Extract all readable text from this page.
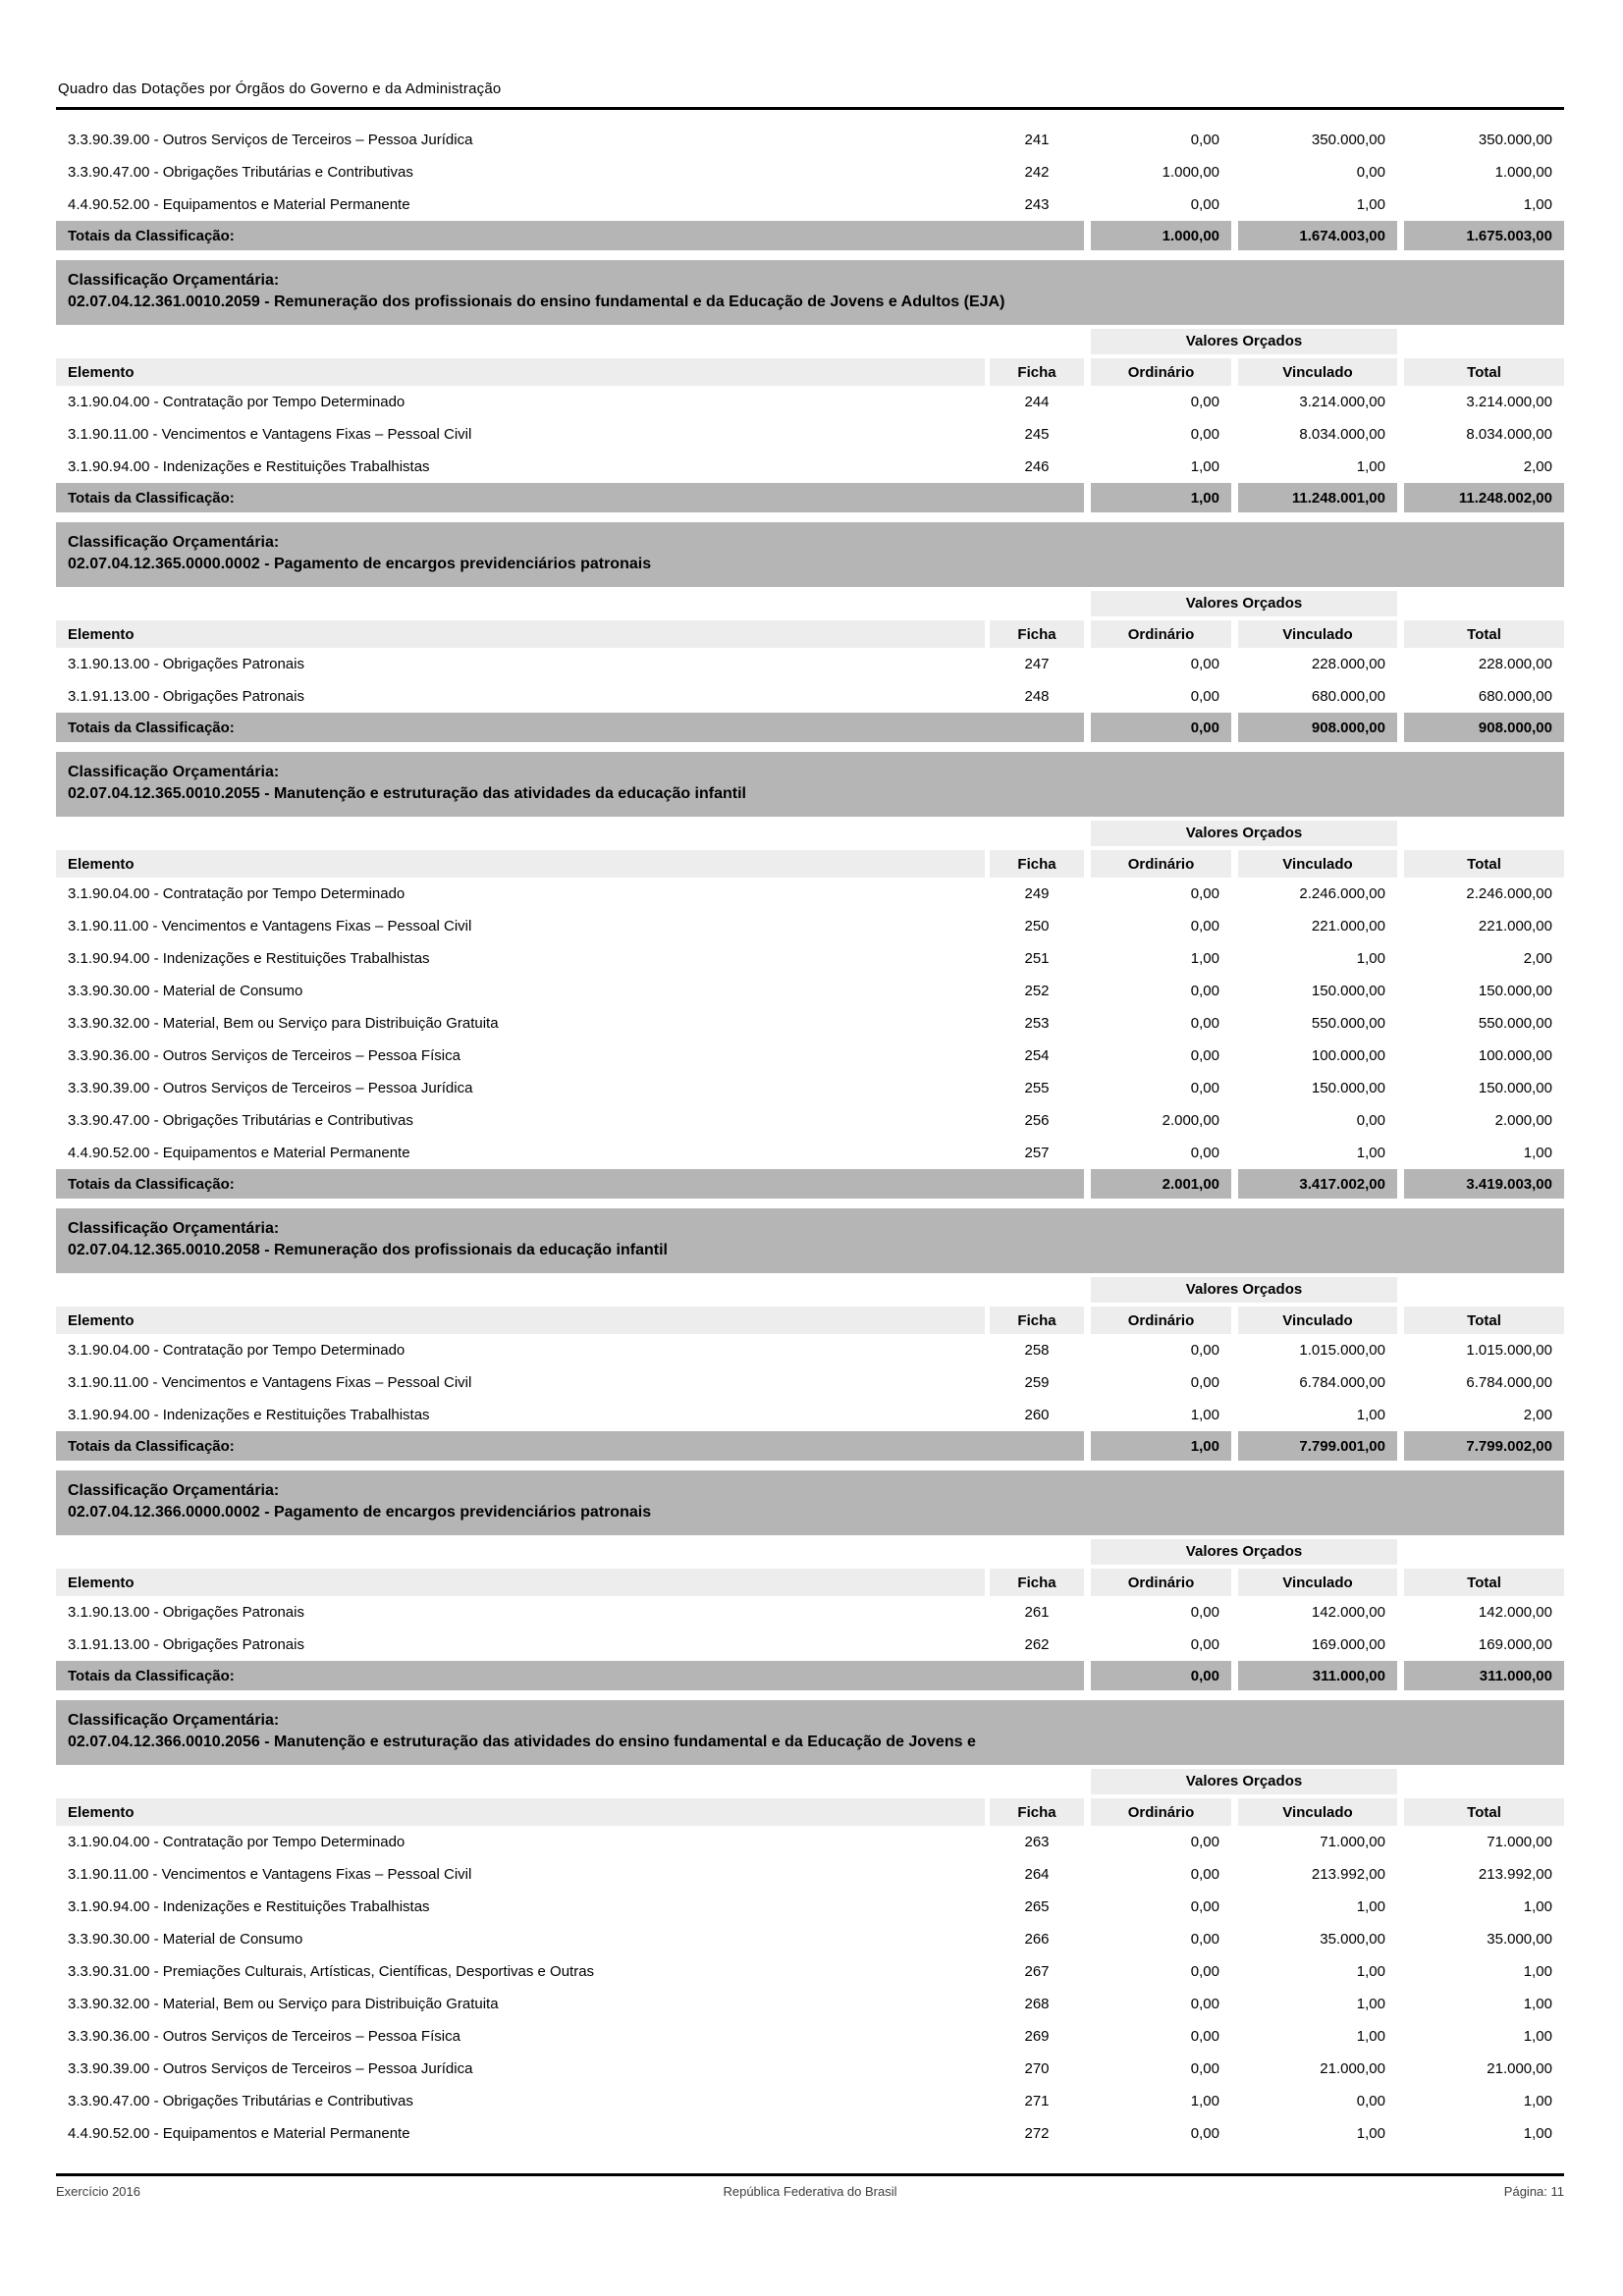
Quadro das Dotações por Órgãos do Governo e da Administração
3.3.90.39.00 - Outros Serviços de Terceiros – Pessoa Jurídica	241	0,00	350.000,00	350.000,00
3.3.90.47.00 - Obrigações Tributárias e Contributivas	242	1.000,00	0,00	1.000,00
4.4.90.52.00 - Equipamentos e Material Permanente	243	0,00	1,00	1,00
Totais da Classificação:	1.000,00	1.674.003,00	1.675.003,00
Classificação Orçamentária:
02.07.04.12.361.0010.2059 - Remuneração dos profissionais do ensino fundamental e da Educação de Jovens e Adultos (EJA)
Valores Orçados
Elemento	Ficha	Ordinário	Vinculado	Total
3.1.90.04.00 - Contratação por Tempo Determinado	244	0,00	3.214.000,00	3.214.000,00
3.1.90.11.00 - Vencimentos e Vantagens Fixas – Pessoal Civil	245	0,00	8.034.000,00	8.034.000,00
3.1.90.94.00 - Indenizações e Restituições Trabalhistas	246	1,00	1,00	2,00
Totais da Classificação:	1,00	11.248.001,00	11.248.002,00
Classificação Orçamentária:
02.07.04.12.365.0000.0002 - Pagamento de encargos previdenciários patronais
Valores Orçados
Elemento	Ficha	Ordinário	Vinculado	Total
3.1.90.13.00 - Obrigações Patronais	247	0,00	228.000,00	228.000,00
3.1.91.13.00 - Obrigações Patronais	248	0,00	680.000,00	680.000,00
Totais da Classificação:	0,00	908.000,00	908.000,00
Classificação Orçamentária:
02.07.04.12.365.0010.2055 - Manutenção e estruturação das atividades da educação infantil
Valores Orçados
Elemento	Ficha	Ordinário	Vinculado	Total
3.1.90.04.00 - Contratação por Tempo Determinado	249	0,00	2.246.000,00	2.246.000,00
3.1.90.11.00 - Vencimentos e Vantagens Fixas – Pessoal Civil	250	0,00	221.000,00	221.000,00
3.1.90.94.00 - Indenizações e Restituições Trabalhistas	251	1,00	1,00	2,00
3.3.90.30.00 - Material de Consumo	252	0,00	150.000,00	150.000,00
3.3.90.32.00 - Material, Bem ou Serviço para Distribuição Gratuita	253	0,00	550.000,00	550.000,00
3.3.90.36.00 - Outros Serviços de Terceiros – Pessoa Física	254	0,00	100.000,00	100.000,00
3.3.90.39.00 - Outros Serviços de Terceiros – Pessoa Jurídica	255	0,00	150.000,00	150.000,00
3.3.90.47.00 - Obrigações Tributárias e Contributivas	256	2.000,00	0,00	2.000,00
4.4.90.52.00 - Equipamentos e Material Permanente	257	0,00	1,00	1,00
Totais da Classificação:	2.001,00	3.417.002,00	3.419.003,00
Classificação Orçamentária:
02.07.04.12.365.0010.2058 - Remuneração dos profissionais da educação infantil
Valores Orçados
Elemento	Ficha	Ordinário	Vinculado	Total
3.1.90.04.00 - Contratação por Tempo Determinado	258	0,00	1.015.000,00	1.015.000,00
3.1.90.11.00 - Vencimentos e Vantagens Fixas – Pessoal Civil	259	0,00	6.784.000,00	6.784.000,00
3.1.90.94.00 - Indenizações e Restituições Trabalhistas	260	1,00	1,00	2,00
Totais da Classificação:	1,00	7.799.001,00	7.799.002,00
Classificação Orçamentária:
02.07.04.12.366.0000.0002 - Pagamento de encargos previdenciários patronais
Valores Orçados
Elemento	Ficha	Ordinário	Vinculado	Total
3.1.90.13.00 - Obrigações Patronais	261	0,00	142.000,00	142.000,00
3.1.91.13.00 - Obrigações Patronais	262	0,00	169.000,00	169.000,00
Totais da Classificação:	0,00	311.000,00	311.000,00
Classificação Orçamentária:
02.07.04.12.366.0010.2056 - Manutenção e estruturação das atividades do ensino fundamental e da Educação de Jovens e
Valores Orçados
Elemento	Ficha	Ordinário	Vinculado	Total
3.1.90.04.00 - Contratação por Tempo Determinado	263	0,00	71.000,00	71.000,00
3.1.90.11.00 - Vencimentos e Vantagens Fixas – Pessoal Civil	264	0,00	213.992,00	213.992,00
3.1.90.94.00 - Indenizações e Restituições Trabalhistas	265	0,00	1,00	1,00
3.3.90.30.00 - Material de Consumo	266	0,00	35.000,00	35.000,00
3.3.90.31.00 - Premiações Culturais, Artísticas, Científicas, Desportivas e Outras	267	0,00	1,00	1,00
3.3.90.32.00 - Material, Bem ou Serviço para Distribuição Gratuita	268	0,00	1,00	1,00
3.3.90.36.00 - Outros Serviços de Terceiros – Pessoa Física	269	0,00	1,00	1,00
3.3.90.39.00 - Outros Serviços de Terceiros – Pessoa Jurídica	270	0,00	21.000,00	21.000,00
3.3.90.47.00 - Obrigações Tributárias e Contributivas	271	1,00	0,00	1,00
4.4.90.52.00 - Equipamentos e Material Permanente	272	0,00	1,00	1,00
República Federativa do Brasil
Exercício 2016	Página: 11
